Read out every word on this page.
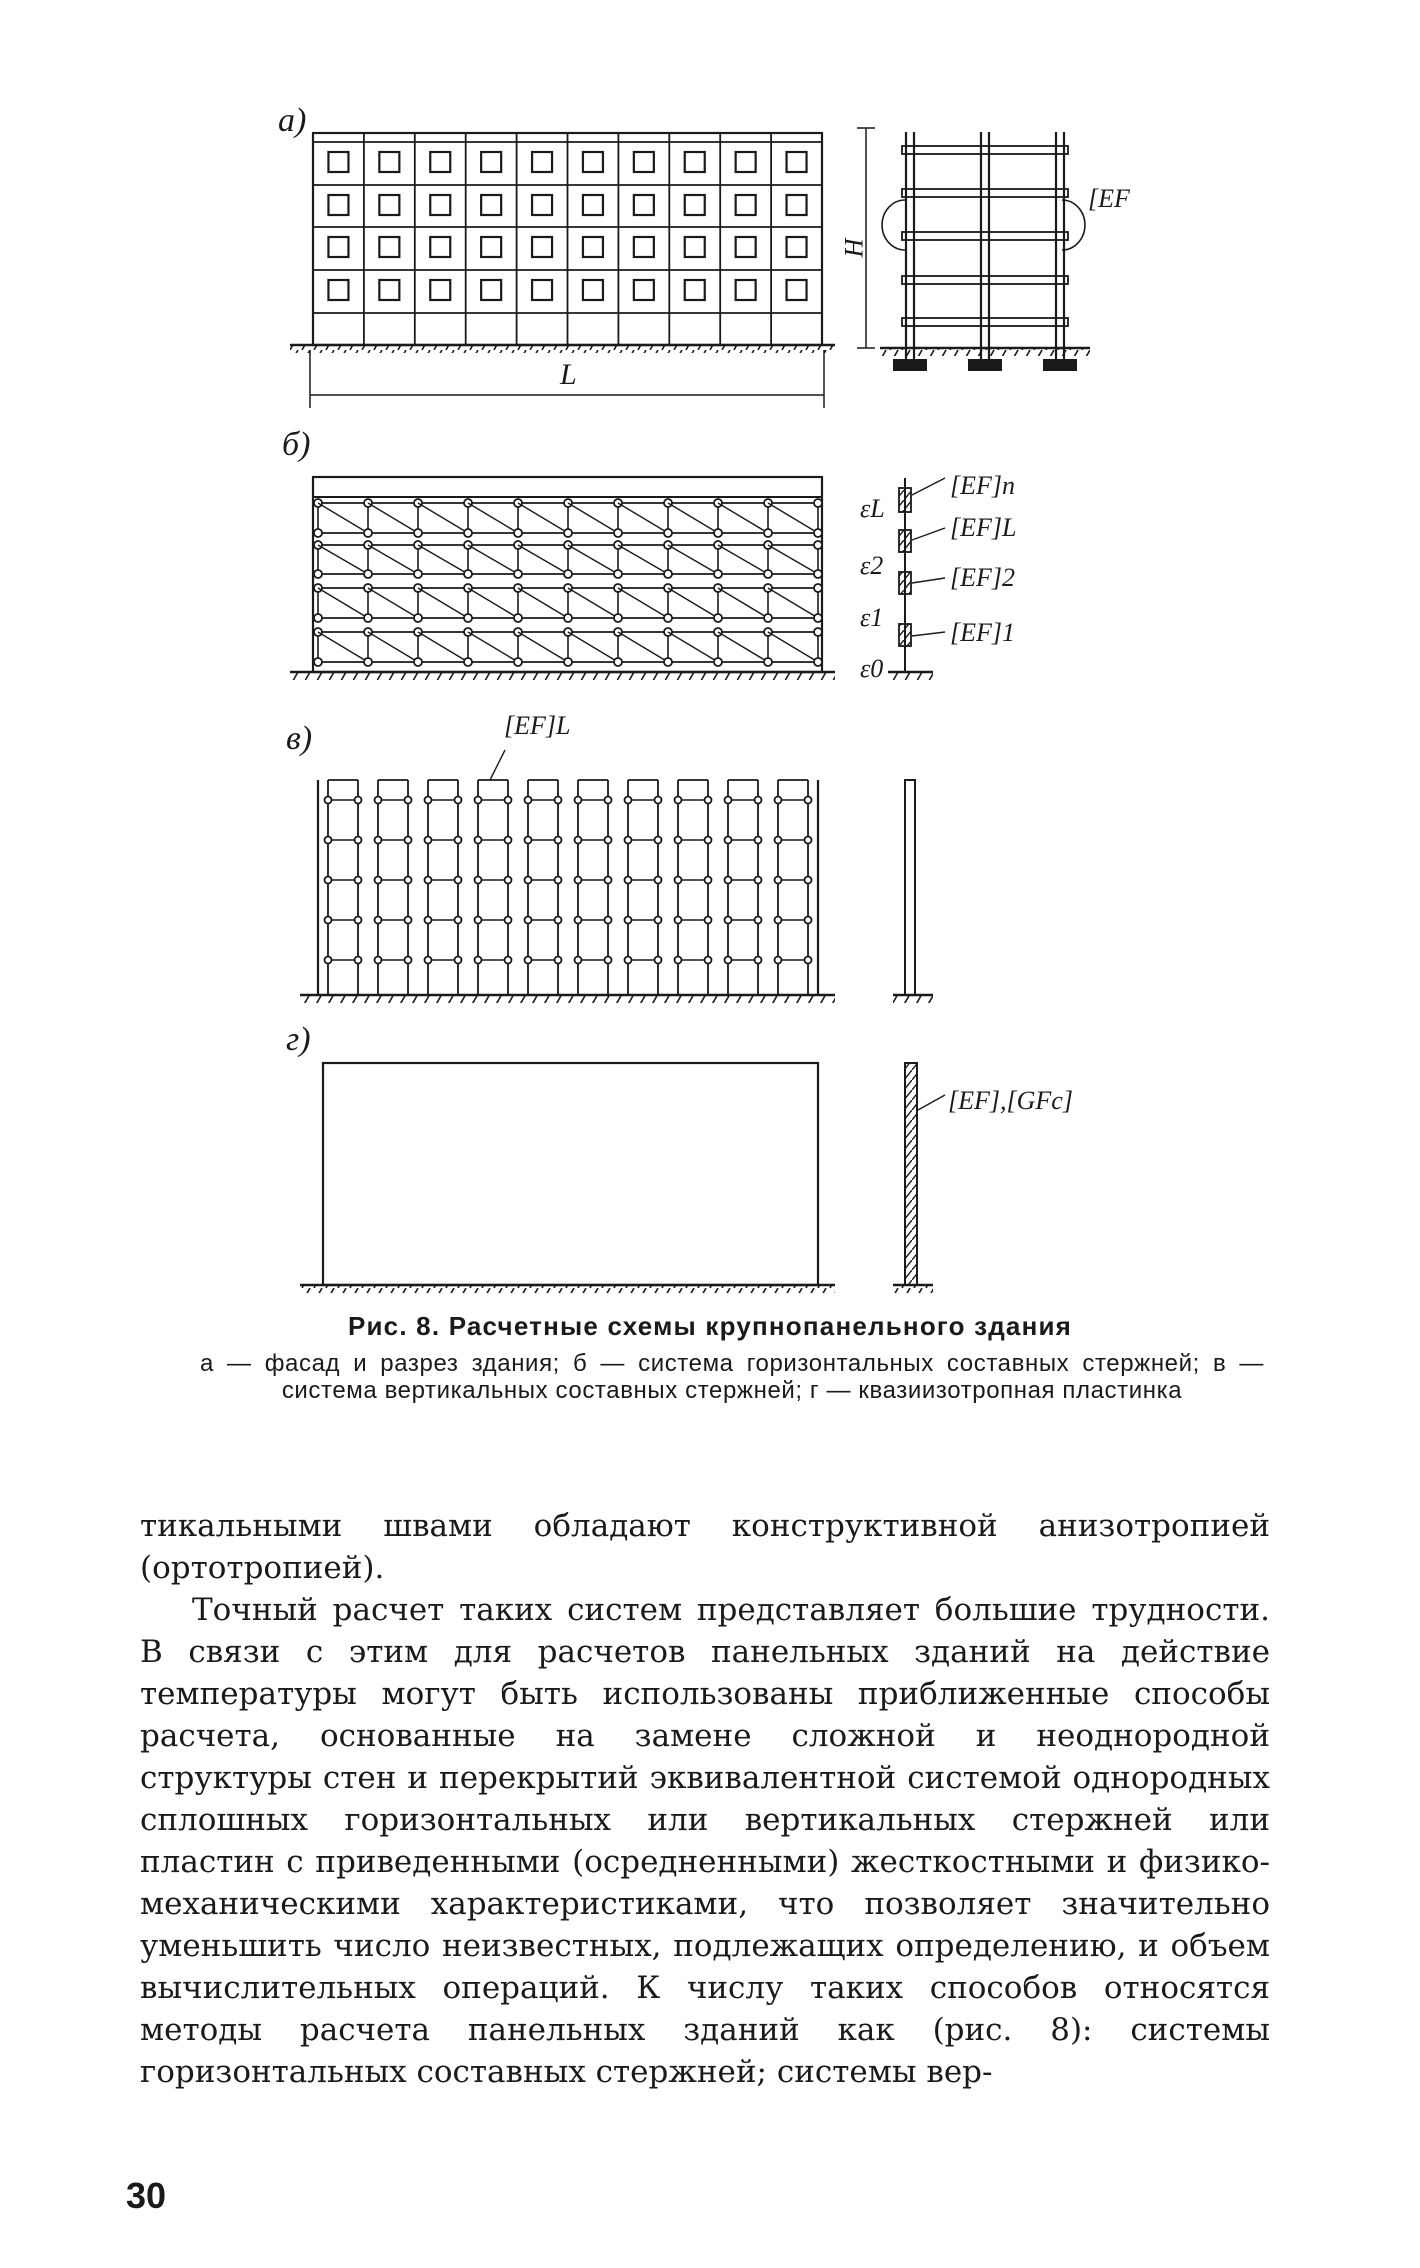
а)
б)
в)
г)
H
L
[EF
[EF]n
[EF]L
[EF]2
[EF]1
[EF]L
[EF],[GFc]
εL
ε2
ε1
ε0
Рис. 8. Расчетные схемы крупнопанельного здания
а — фасад и разрез здания; б — система горизонтальных составных стержней; в — система вертикальных составных стержней; г — квазиизотропная пластинка

тикальными швами обладают конструктивной анизотропией (ортотропией).

Точный расчет таких систем представляет большие трудности. В связи с этим для расчетов панельных зданий на действие температуры могут быть использованы приближенные способы расчета, основанные на замене сложной и неоднородной структуры стен и перекрытий эквивалентной системой однородных сплошных горизонтальных или вертикальных стержней или пластин с приведенными (осредненными) жесткостными и физико-механическими характеристиками, что позволяет значительно уменьшить число неизвестных, подлежащих определению, и объем вычислительных операций. К числу таких способов относятся методы расчета панельных зданий как (рис. 8): системы горизонтальных составных стержней; системы вер-

30
